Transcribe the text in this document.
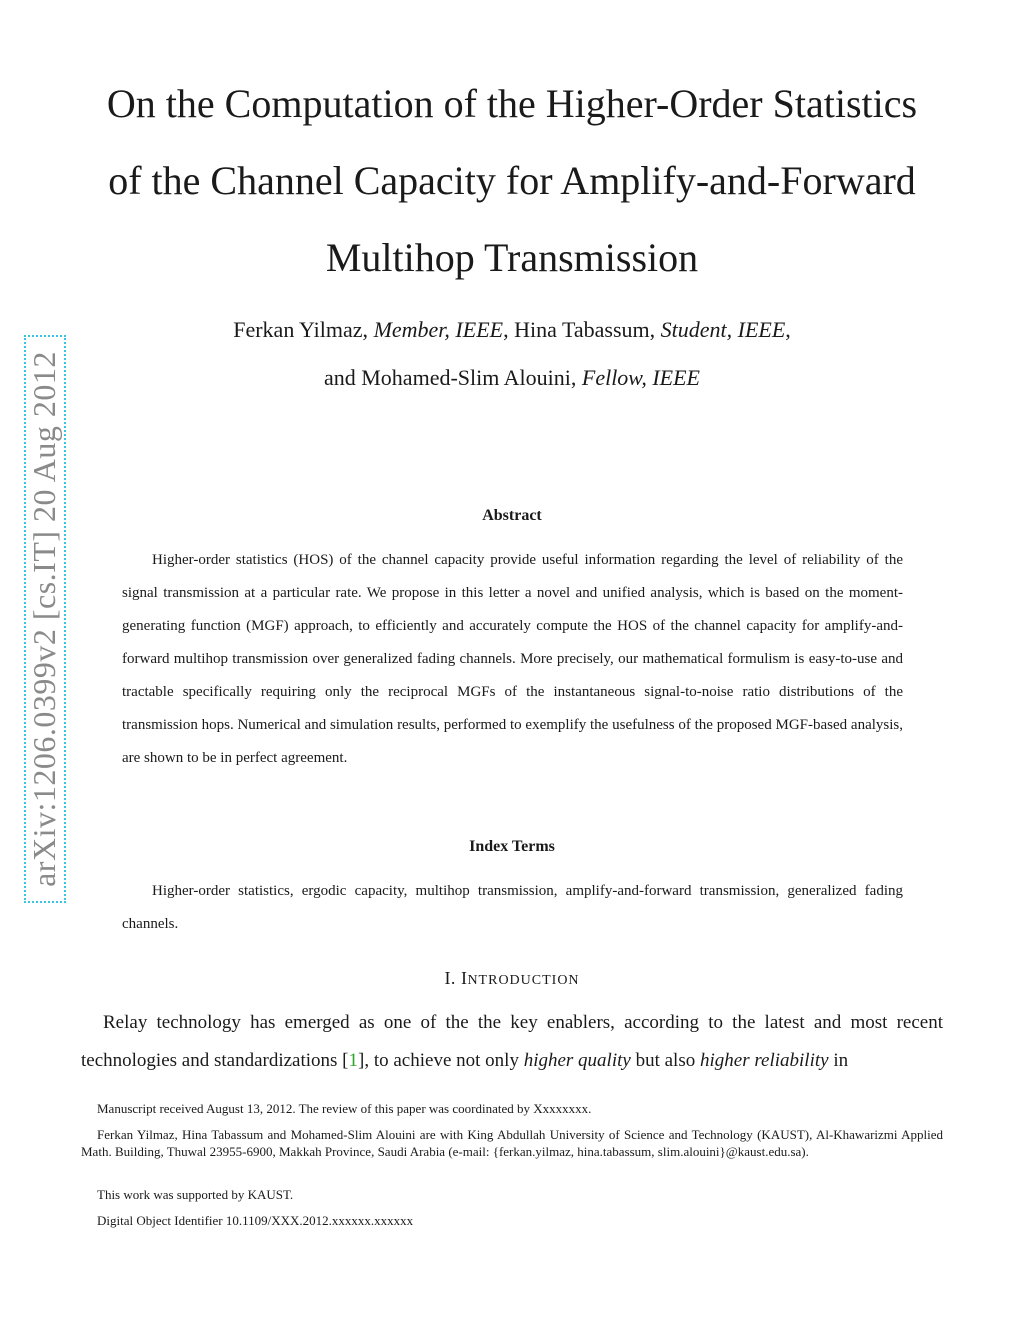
arXiv:1206.0399v2 [cs.IT] 20 Aug 2012
On the Computation of the Higher-Order Statistics
of the Channel Capacity for Amplify-and-Forward
Multihop Transmission
Ferkan Yilmaz, Member, IEEE, Hina Tabassum, Student, IEEE,
and Mohamed-Slim Alouini, Fellow, IEEE
Abstract
Higher-order statistics (HOS) of the channel capacity provide useful information regarding the level of reliability of the signal transmission at a particular rate. We propose in this letter a novel and unified analysis, which is based on the moment-generating function (MGF) approach, to efficiently and accurately compute the HOS of the channel capacity for amplify-and-forward multihop transmission over generalized fading channels. More precisely, our mathematical formulism is easy-to-use and tractable specifically requiring only the reciprocal MGFs of the instantaneous signal-to-noise ratio distributions of the transmission hops. Numerical and simulation results, performed to exemplify the usefulness of the proposed MGF-based analysis, are shown to be in perfect agreement.
Index Terms
Higher-order statistics, ergodic capacity, multihop transmission, amplify-and-forward transmission, generalized fading channels.
I. INTRODUCTION
Relay technology has emerged as one of the the key enablers, according to the latest and most recent technologies and standardizations [1], to achieve not only higher quality but also higher reliability in
Manuscript received August 13, 2012. The review of this paper was coordinated by Xxxxxxxx.
Ferkan Yilmaz, Hina Tabassum and Mohamed-Slim Alouini are with King Abdullah University of Science and Technology (KAUST), Al-Khawarizmi Applied Math. Building, Thuwal 23955-6900, Makkah Province, Saudi Arabia (e-mail: {ferkan.yilmaz, hina.tabassum, slim.alouini}@kaust.edu.sa).
This work was supported by KAUST.
Digital Object Identifier 10.1109/XXX.2012.xxxxxx.xxxxxx
